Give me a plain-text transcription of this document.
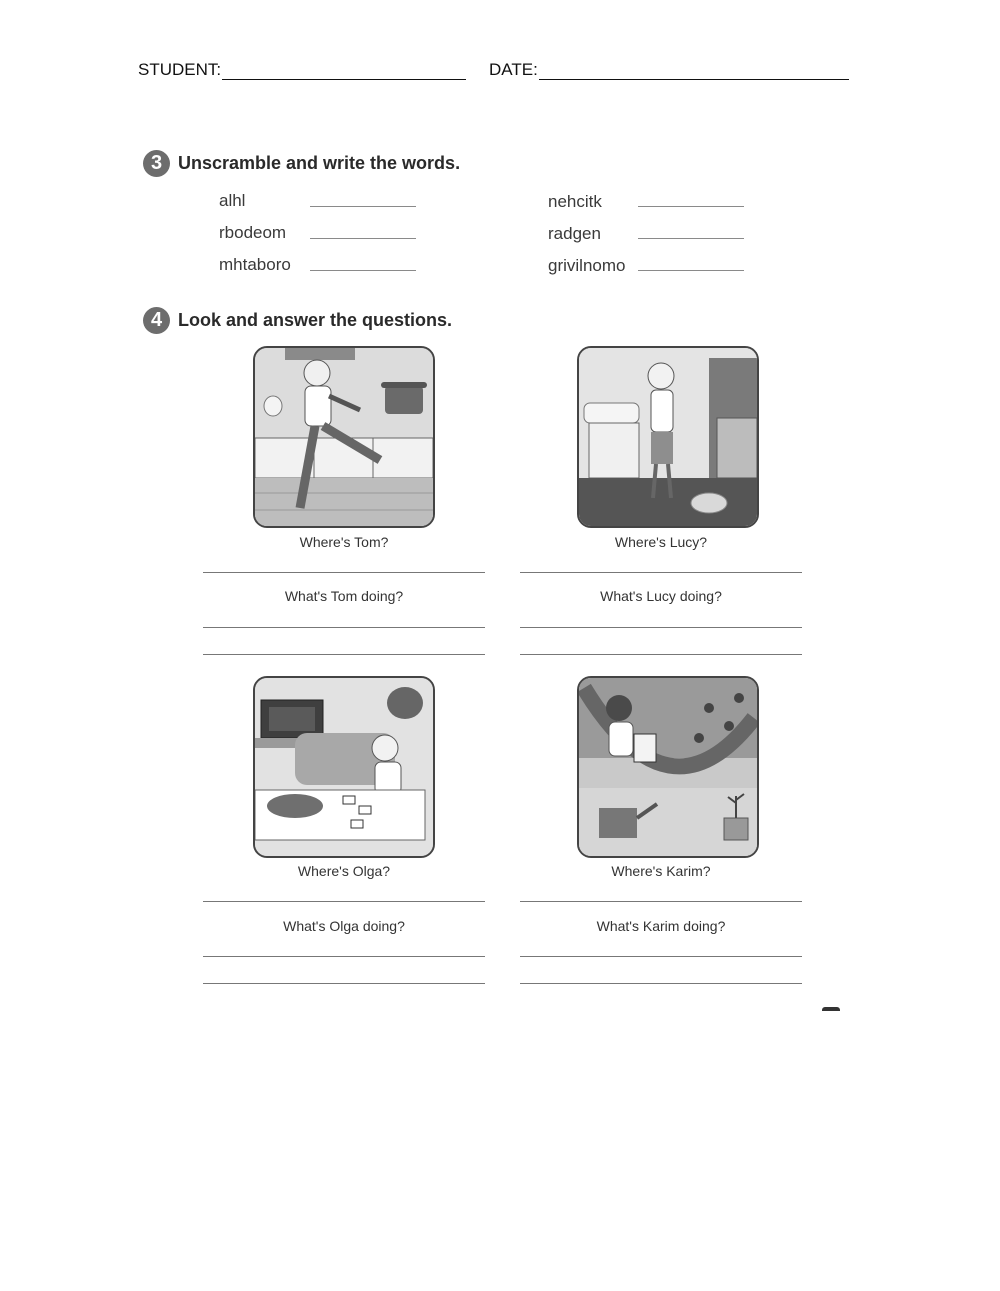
STUDENT:	DATE:
3 Unscramble and write the words.
alhl
rbodeom
mhtaboro
nehcitk
radgen
grivilnomo
4 Look and answer the questions.
Where's Tom?
What's Tom doing?
Where's Lucy?
What's Lucy doing?
Where's Olga?
What's Olga doing?
Where's Karim?
What's Karim doing?
